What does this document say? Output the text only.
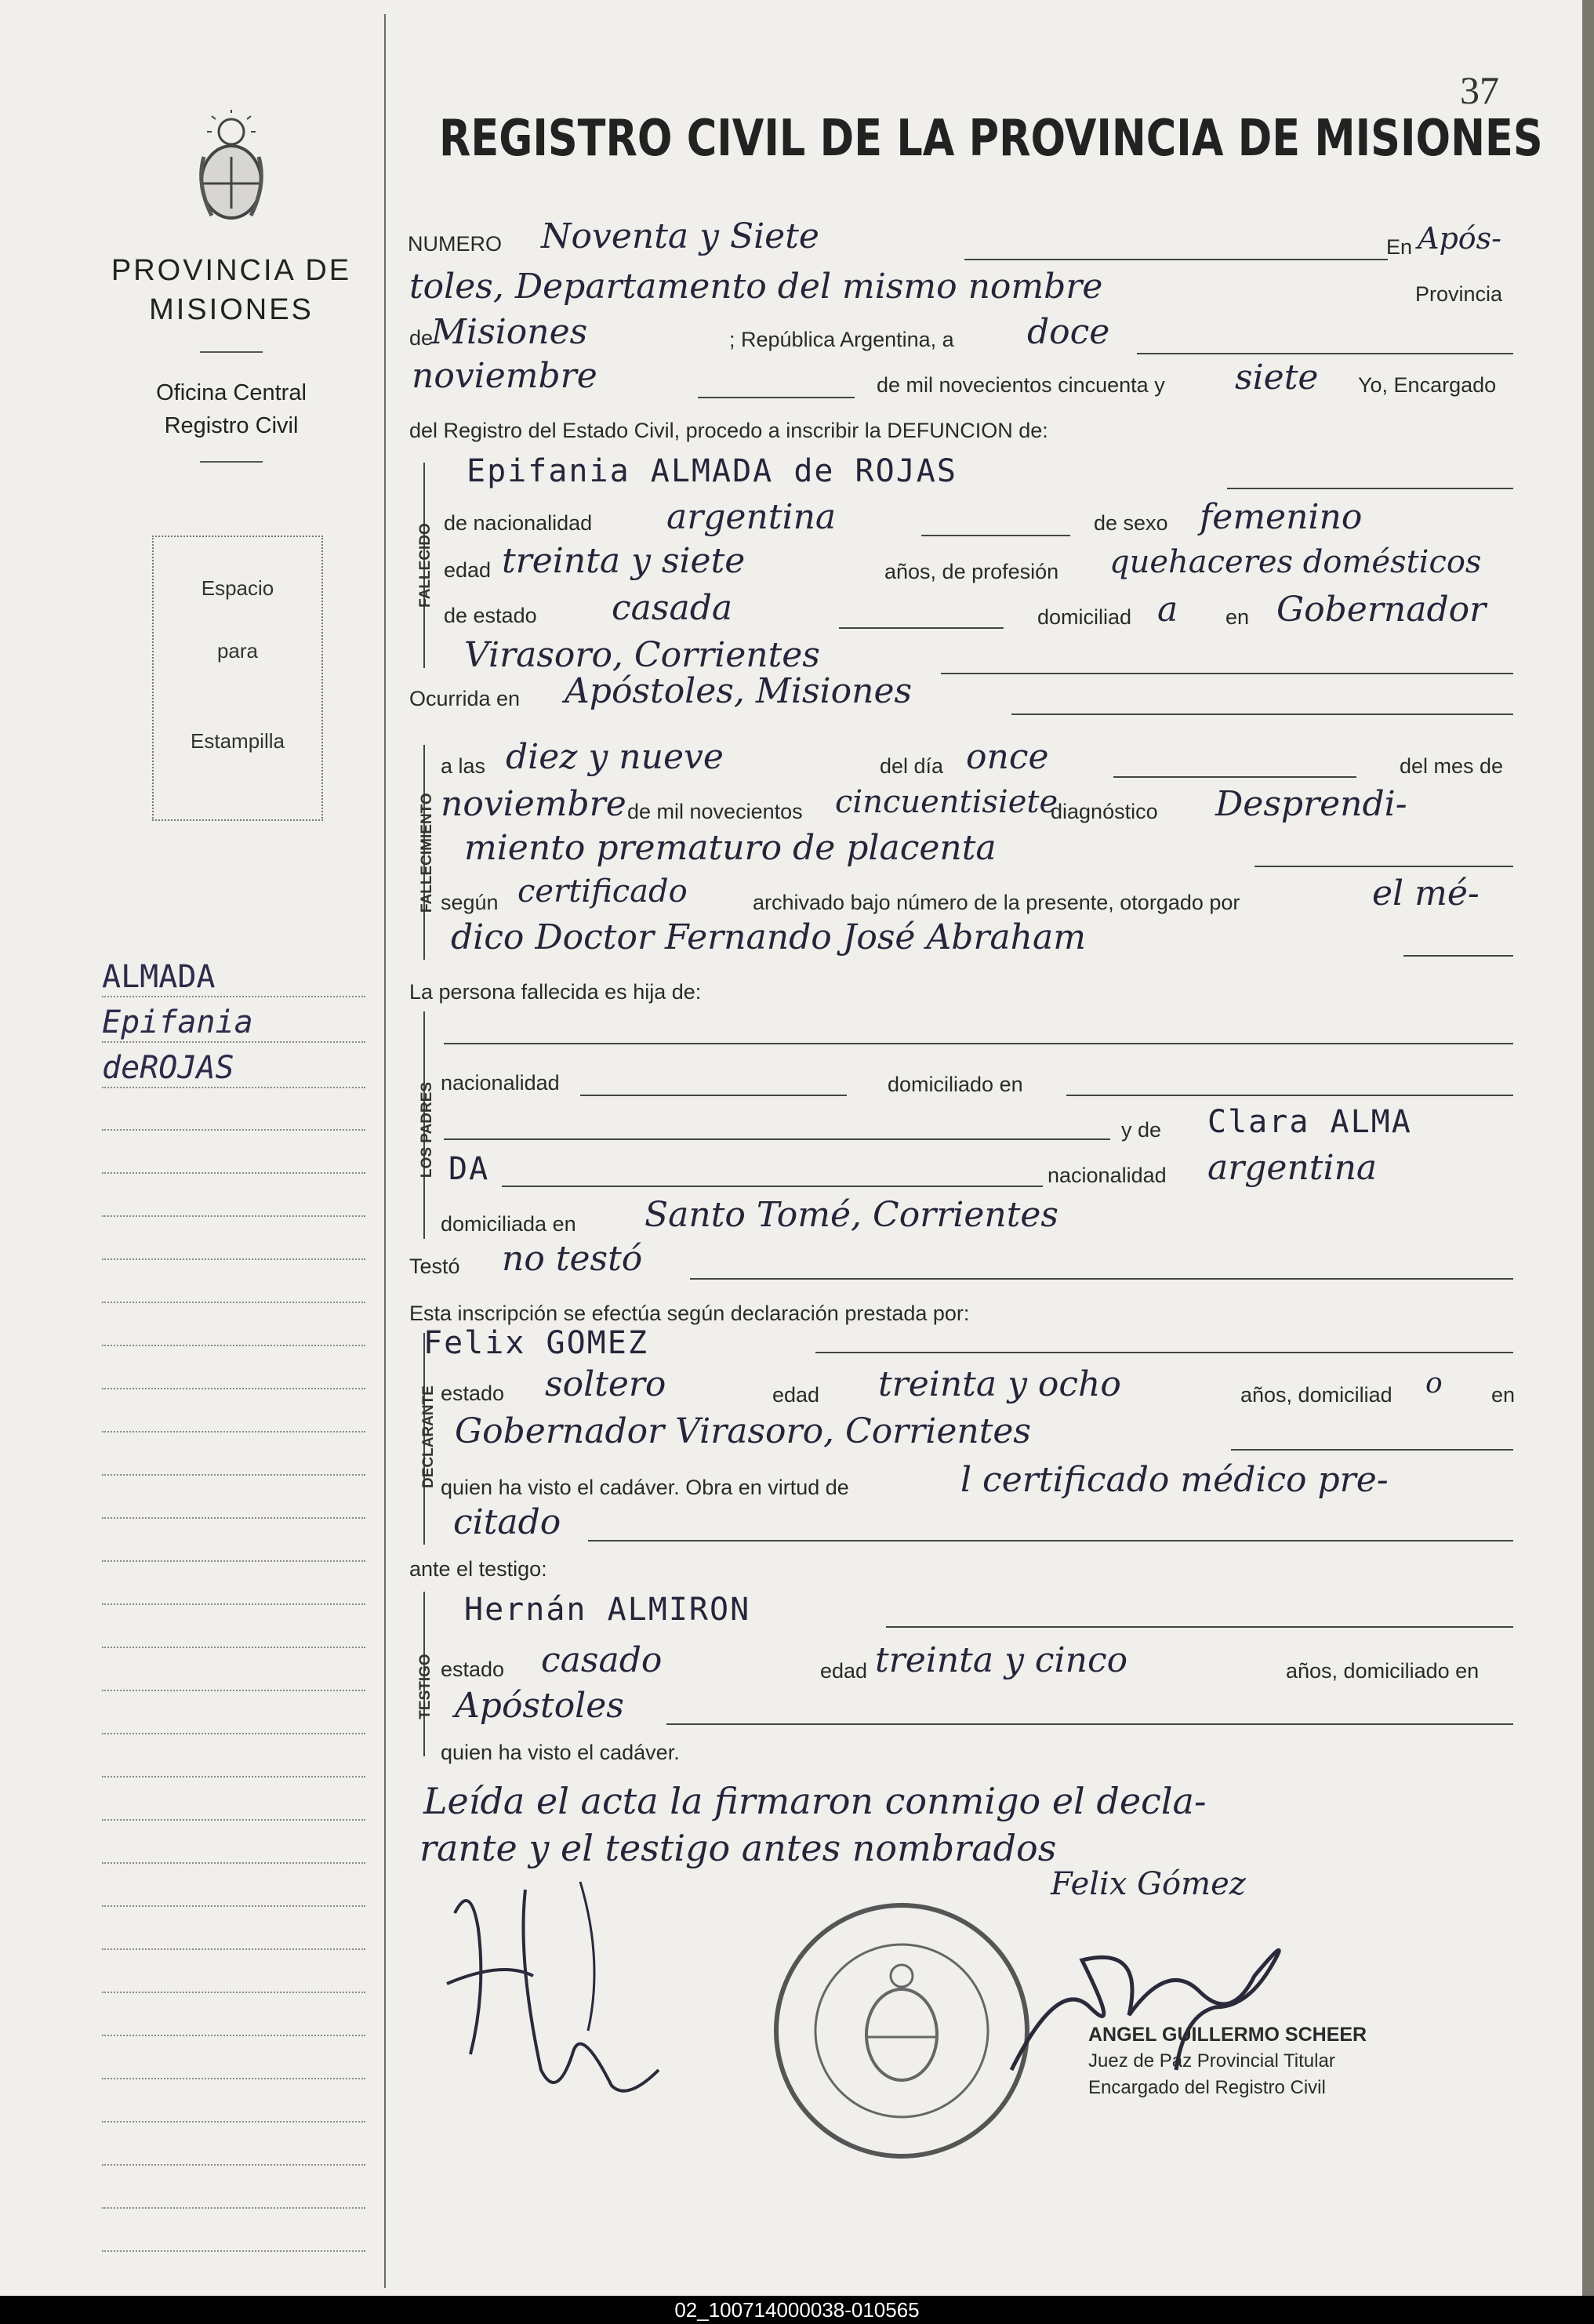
37
REGISTRO CIVIL DE LA PROVINCIA DE MISIONES
PROVINCIA DE
MISIONES
Oficina Central
Registro Civil
Espacio
para
Estampilla
ALMADA
Epifania
deROJAS
NUMERO Noventa y Siete	En Após-
toles, Departamento del mismo nombre	Provincia
de
Misiones	; República Argentina, a doce
noviembre	de mil novecientos cincuenta y siete Yo, Encargado
del Registro del Estado Civil, procedo a inscribir la DEFUNCION de:
FALLECIDO
Epifania ALMADA de ROJAS
de nacionalidad argentina	de sexo femenino
edad treinta y siete	años, de profesión quehaceres domésticos
de estado casada	domiciliad a en Gobernador
Virasoro, Corrientes
Ocurrida en Apóstoles, Misiones
FALLECIMIENTO
a las diez y nueve	del día once	del mes de
noviembre de mil novecientos cincuentisiete
diagnóstico Desprendi-
miento prematuro de placenta
según certificado	archivado bajo número de la presente, otorgado por	el mé-
dico Doctor Fernando José Abraham
La persona fallecida es hija de:
LOS PADRES nacionalidad	domiciliado en
y de Clara ALMA
DA	nacionalidad argentina
domiciliada en Santo Tomé, Corrientes
Testó no testó
Esta inscripción se efectúa según declaración prestada por:
DECLARANTE
Felix GOMEZ
estado soltero	edad treinta y ocho	años, domiciliad o en
Gobernador Virasoro, Corrientes
quien ha visto el cadáver. Obra en virtud de	l certificado médico pre-
citado
ante el testigo:
TESTIGO
Hernán ALMIRON
estado casado	edad treinta y cinco	años, domiciliado en
Apóstoles
quien ha visto el cadáver.
Leída el acta la firmaron conmigo el decla-
rante y el testigo antes nombrados
Felix Gómez
ANGEL GUILLERMO SCHEER
Juez de Paz Provincial Titular
Encargado del Registro Civil
02_100714000038-010565
